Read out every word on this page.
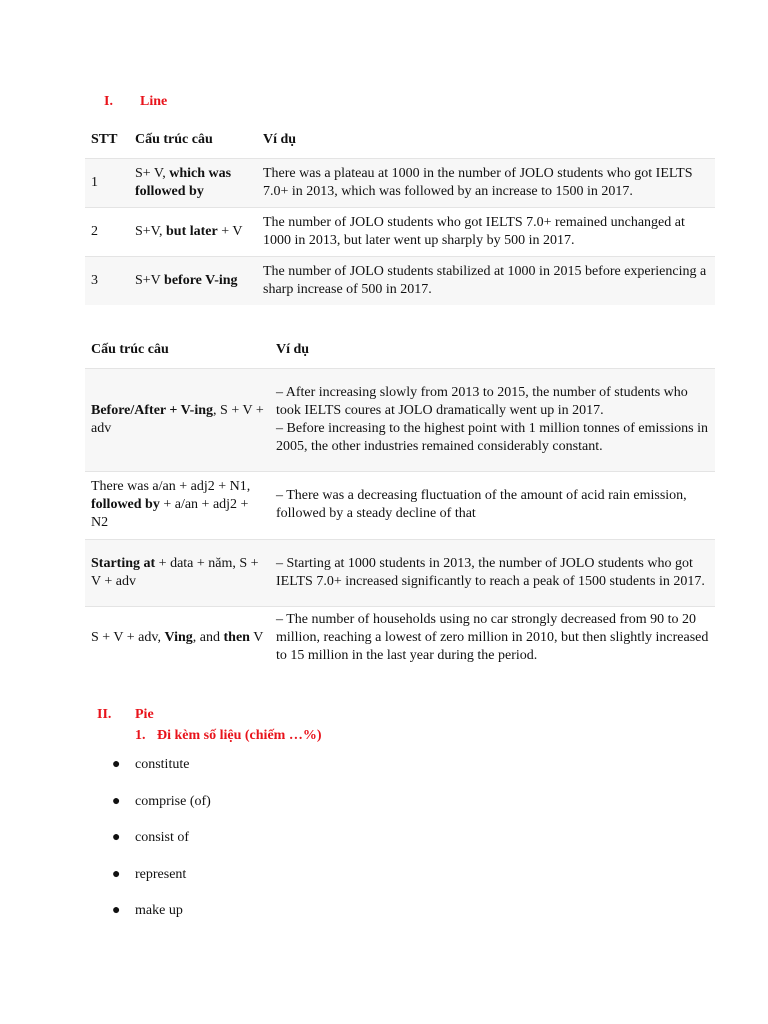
I. Line
STT	Cấu trúc câu	Ví dụ
1	S+ V, which was followed by	There was a plateau at 1000 in the number of JOLO students who got IELTS 7.0+ in 2013, which was followed by an increase to 1500 in 2017.
2	S+V, but later + V	The number of JOLO students who got IELTS 7.0+ remained unchanged at 1000 in 2013, but later went up sharply by 500 in 2017.
3	S+V before V-ing	The number of JOLO students stabilized at 1000 in 2015 before experiencing a sharp increase of 500 in 2017.
Cấu trúc câu	Ví dụ
Before/After + V-ing, S + V + adv	– After increasing slowly from 2013 to 2015, the number of students who took IELTS coures at JOLO dramatically went up in 2017.
– Before increasing to the highest point with 1 million tonnes of emissions in 2005, the other industries remained considerably constant.

There was a/an + adj2 + N1, followed by + a/an + adj2 + N2	– There was a decreasing fluctuation of the amount of acid rain emission, followed by a steady decline of that

Starting at + data + năm, S + V + adv	– Starting at 1000 students in 2013, the number of JOLO students who got IELTS 7.0+ increased significantly to reach a peak of 1500 students in 2017.

S + V + adv, Ving, and then V	– The number of households using no car strongly decreased from 90 to 20 million, reaching a lowest of zero million in 2010, but then slightly increased to 15 million in the last year during the period.
II. Pie
1. Đi kèm số liệu (chiếm …%)
● constitute
● comprise (of)
● consist of
● represent
● make up
